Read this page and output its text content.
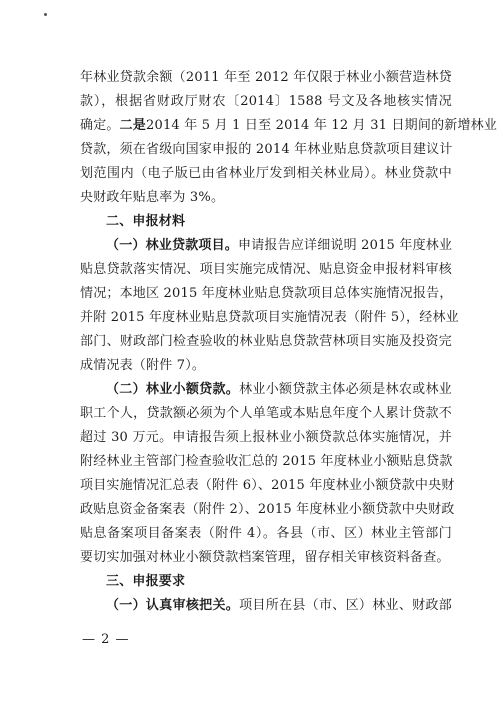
年林业贷款余额（2011 年至 2012 年仅限于林业小额营造林贷
款），根据省财政厅财农〔2014〕1588 号文及各地核实情况
确定。二是2014 年 5 月 1 日至 2014 年 12 月 31 日期间的新增林业
贷款，须在省级向国家申报的 2014 年林业贴息贷款项目建议计
划范围内（电子版已由省林业厅发到相关林业局）。林业贷款中
央财政年贴息率为 3%。
二、申报材料
（一）林业贷款项目。申请报告应详细说明 2015 年度林业
贴息贷款落实情况、项目实施完成情况、贴息资金申报材料审核
情况；本地区 2015 年度林业贴息贷款项目总体实施情况报告，
并附 2015 年度林业贴息贷款项目实施情况表（附件 5），经林业
部门、财政部门检查验收的林业贴息贷款营林项目实施及投资完
成情况表（附件 7）。
（二）林业小额贷款。林业小额贷款主体必须是林农或林业
职工个人，贷款额必须为个人单笔或本贴息年度个人累计贷款不
超过 30 万元。申请报告须上报林业小额贷款总体实施情况，并
附经林业主管部门检查验收汇总的 2015 年度林业小额贴息贷款
项目实施情况汇总表（附件 6）、2015 年度林业小额贷款中央财
政贴息资金备案表（附件 2）、2015 年度林业小额贷款中央财政
贴息备案项目备案表（附件 4）。各县（市、区）林业主管部门
要切实加强对林业小额贷款档案管理，留存相关审核资料备查。
三、申报要求
（一）认真审核把关。项目所在县（市、区）林业、财政部
— 2 —
